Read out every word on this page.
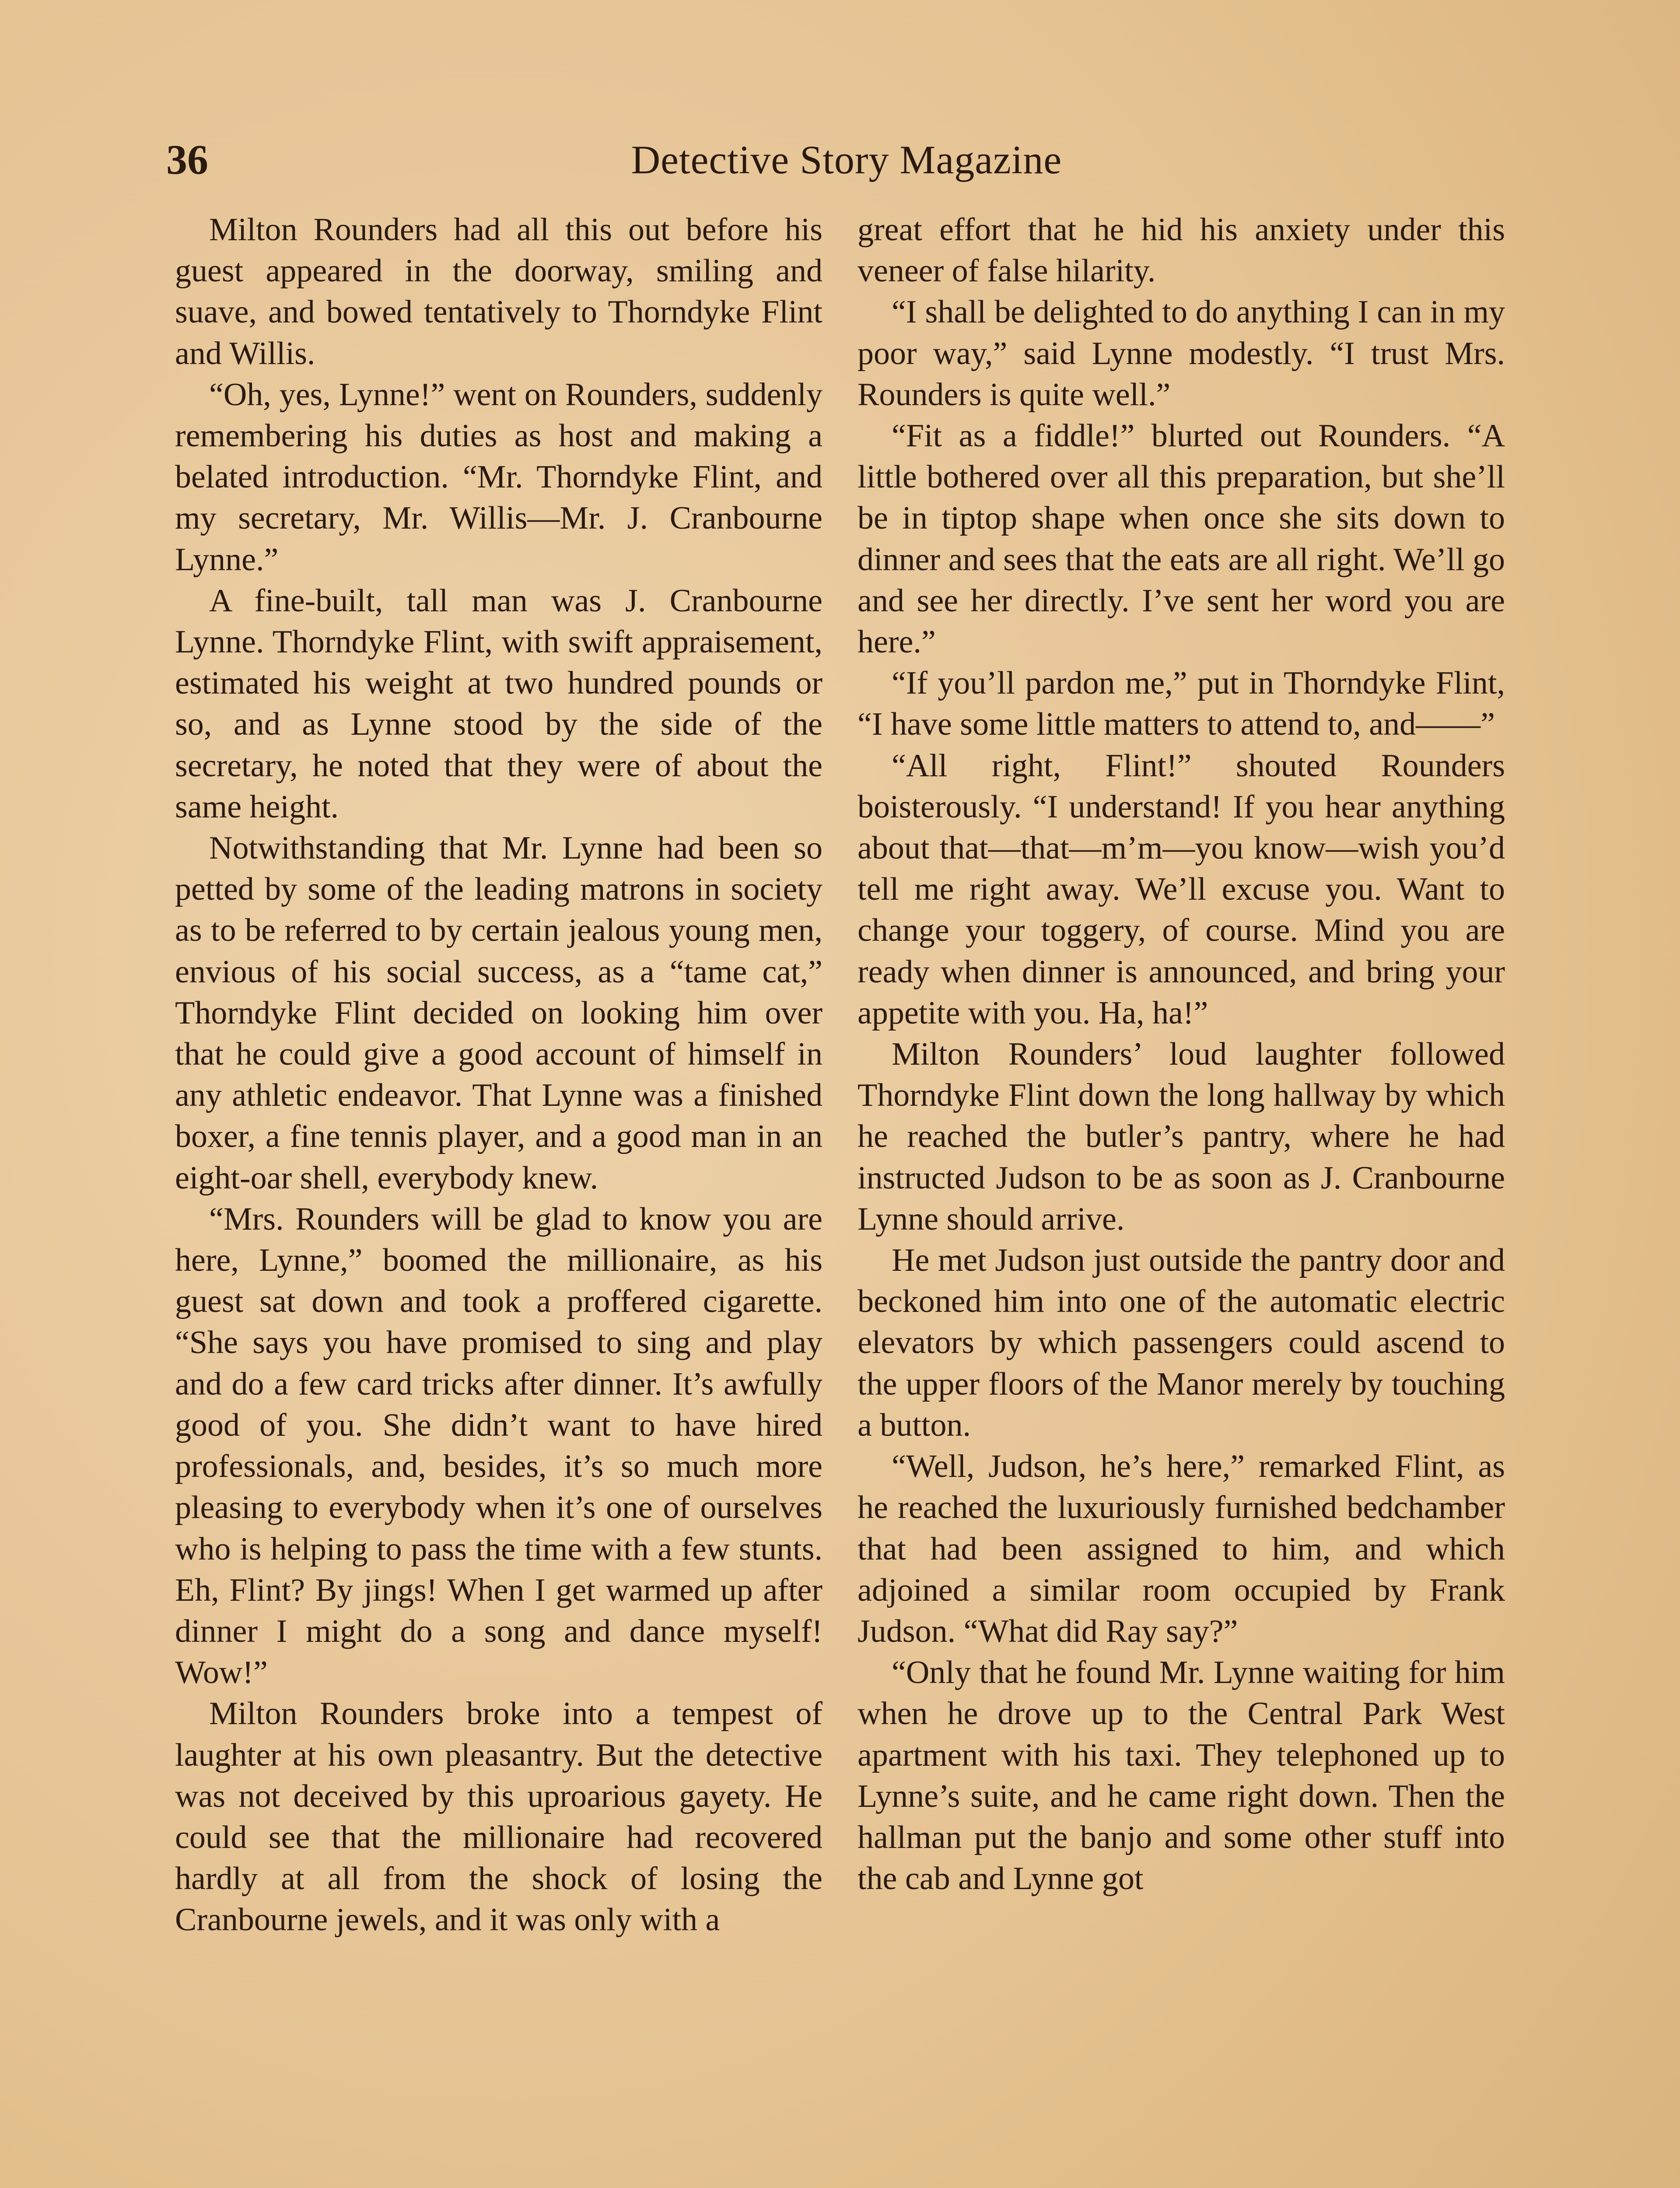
36	Detective Story Magazine

Milton Rounders had all this out before his guest appeared in the doorway, smiling and suave, and bowed tentatively to Thorndyke Flint and Willis.

“Oh, yes, Lynne!” went on Rounders, suddenly remembering his duties as host and making a belated introduction. “Mr. Thorndyke Flint, and my secretary, Mr. Willis—Mr. J. Cranbourne Lynne.”

A fine-built, tall man was J. Cranbourne Lynne. Thorndyke Flint, with swift appraisement, estimated his weight at two hundred pounds or so, and as Lynne stood by the side of the secretary, he noted that they were of about the same height.

Notwithstanding that Mr. Lynne had been so petted by some of the leading matrons in society as to be referred to by certain jealous young men, envious of his social success, as a “tame cat,” Thorndyke Flint decided on looking him over that he could give a good account of himself in any athletic endeavor. That Lynne was a finished boxer, a fine tennis player, and a good man in an eight-oar shell, everybody knew.

“Mrs. Rounders will be glad to know you are here, Lynne,” boomed the millionaire, as his guest sat down and took a proffered cigarette. “She says you have promised to sing and play and do a few card tricks after dinner. It’s awfully good of you. She didn’t want to have hired professionals, and, besides, it’s so much more pleasing to everybody when it’s one of ourselves who is helping to pass the time with a few stunts. Eh, Flint? By jings! When I get warmed up after dinner I might do a song and dance myself! Wow!”

Milton Rounders broke into a tempest of laughter at his own pleasantry. But the detective was not deceived by this uproarious gayety. He could see that the millionaire had recovered hardly at all from the shock of losing the Cranbourne jewels, and it was only with a

great effort that he hid his anxiety under this veneer of false hilarity.

“I shall be delighted to do anything I can in my poor way,” said Lynne modestly. “I trust Mrs. Rounders is quite well.”

“Fit as a fiddle!” blurted out Rounders. “A little bothered over all this preparation, but she’ll be in tiptop shape when once she sits down to dinner and sees that the eats are all right. We’ll go and see her directly. I’ve sent her word you are here.”

“If you’ll pardon me,” put in Thorndyke Flint, “I have some little matters to attend to, and——”

“All right, Flint!” shouted Rounders boisterously. “I understand! If you hear anything about that—that—m’m—you know—wish you’d tell me right away. We’ll excuse you. Want to change your toggery, of course. Mind you are ready when dinner is announced, and bring your appetite with you. Ha, ha!”

Milton Rounders’ loud laughter followed Thorndyke Flint down the long hallway by which he reached the butler’s pantry, where he had instructed Judson to be as soon as J. Cranbourne Lynne should arrive.

He met Judson just outside the pantry door and beckoned him into one of the automatic electric elevators by which passengers could ascend to the upper floors of the Manor merely by touching a button.

“Well, Judson, he’s here,” remarked Flint, as he reached the luxuriously furnished bedchamber that had been assigned to him, and which adjoined a similar room occupied by Frank Judson. “What did Ray say?”

“Only that he found Mr. Lynne waiting for him when he drove up to the Central Park West apartment with his taxi. They telephoned up to Lynne’s suite, and he came right down. Then the hallman put the banjo and some other stuff into the cab and Lynne got
